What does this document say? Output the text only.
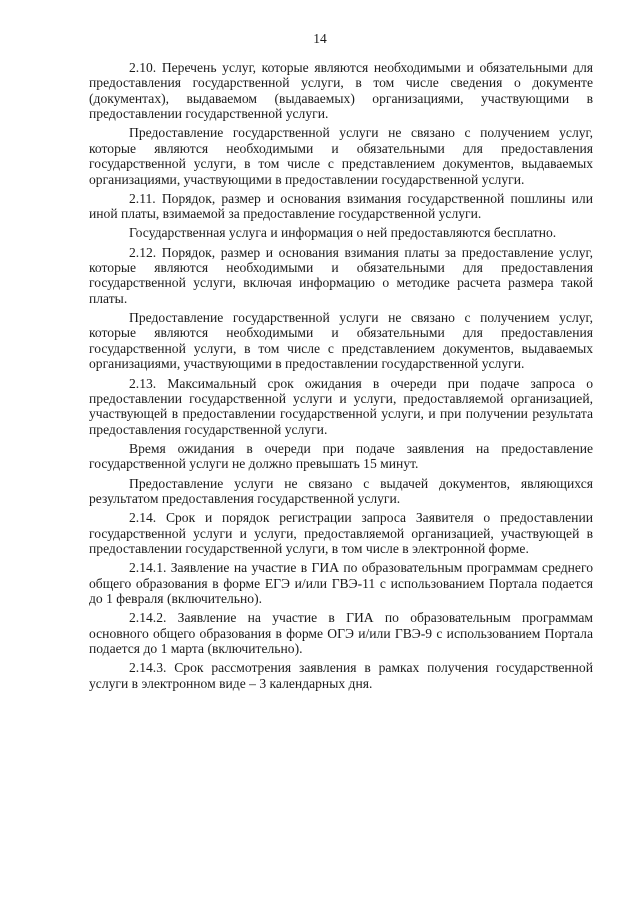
14

2.10. Перечень услуг, которые являются необходимыми и обязательными для предоставления государственной услуги, в том числе сведения о документе (документах), выдаваемом (выдаваемых) организациями, участвующими в предоставлении государственной услуги.

Предоставление государственной услуги не связано с получением услуг, которые являются необходимыми и обязательными для предоставления государственной услуги, в том числе с представлением документов, выдаваемых организациями, участвующими в предоставлении государственной услуги.

2.11. Порядок, размер и основания взимания государственной пошлины или иной платы, взимаемой за предоставление государственной услуги.

Государственная услуга и информация о ней предоставляются бесплатно.

2.12. Порядок, размер и основания взимания платы за предоставление услуг, которые являются необходимыми и обязательными для предоставления государственной услуги, включая информацию о методике расчета размера такой платы.

Предоставление государственной услуги не связано с получением услуг, которые являются необходимыми и обязательными для предоставления государственной услуги, в том числе с представлением документов, выдаваемых организациями, участвующими в предоставлении государственной услуги.

2.13. Максимальный срок ожидания в очереди при подаче запроса о предоставлении государственной услуги и услуги, предоставляемой организацией, участвующей в предоставлении государственной услуги, и при получении результата предоставления государственной услуги.

Время ожидания в очереди при подаче заявления на предоставление государственной услуги не должно превышать 15 минут.

Предоставление услуги не связано с выдачей документов, являющихся результатом предоставления государственной услуги.

2.14. Срок и порядок регистрации запроса Заявителя о предоставлении государственной услуги и услуги, предоставляемой организацией, участвующей в предоставлении государственной услуги, в том числе в электронной форме.

2.14.1. Заявление на участие в ГИА по образовательным программам среднего общего образования в форме ЕГЭ и/или ГВЭ-11 с использованием Портала подается до 1 февраля (включительно).

2.14.2. Заявление на участие в ГИА по образовательным программам основного общего образования в форме ОГЭ и/или ГВЭ-9 с использованием Портала подается до 1 марта (включительно).

2.14.3. Срок рассмотрения заявления в рамках получения государственной услуги в электронном виде – 3 календарных дня.
